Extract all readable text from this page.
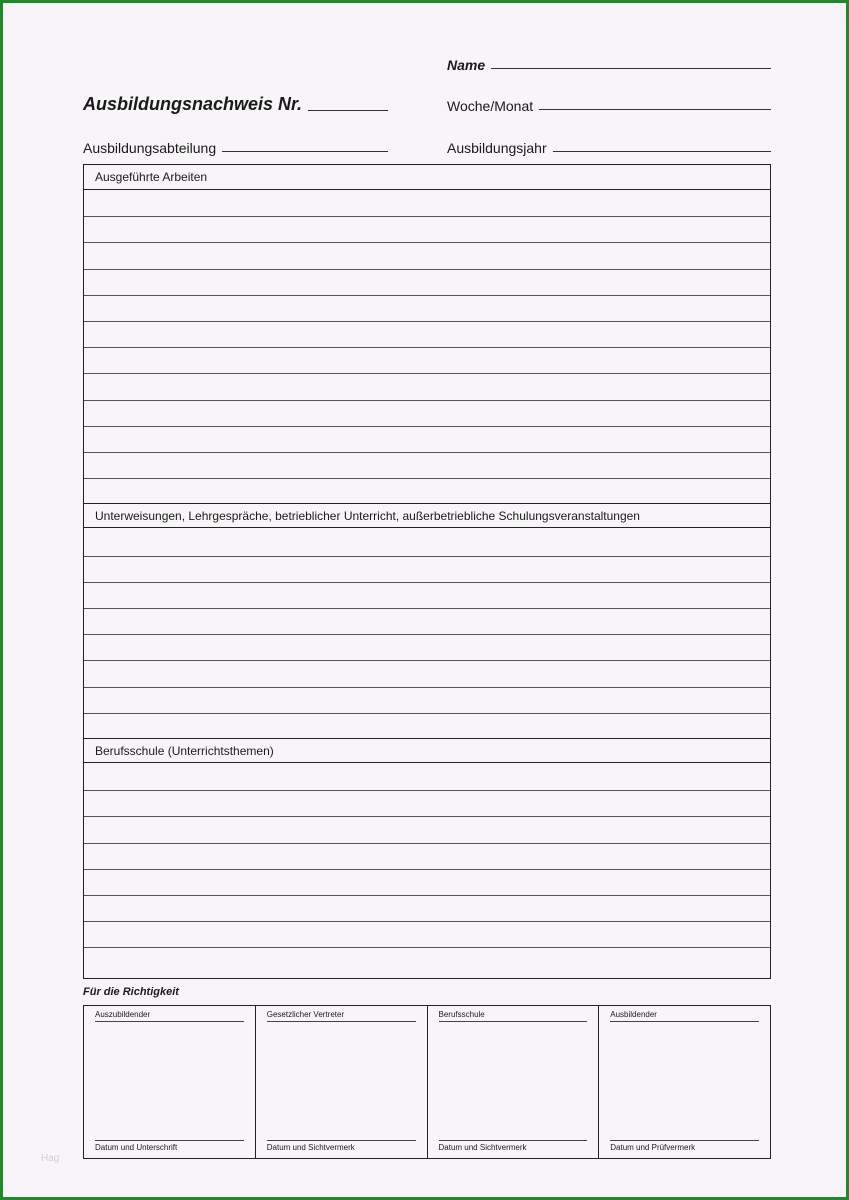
Name
Ausbildungsnachweis Nr.	Woche/Monat
Ausbildungsabteilung	Ausbildungsjahr
Ausgeführte Arbeiten
Unterweisungen, Lehrgespräche, betrieblicher Unterricht, außerbetriebliche Schulungsveranstaltungen
Berufsschule (Unterrichtsthemen)
Für die Richtigkeit
Auszubildender
Datum und Unterschrift
Gesetzlicher Vertreter
Datum und Sichtvermerk
Berufsschule
Datum und Sichtvermerk
Ausbildender
Datum und Prüfvermerk
Hag
